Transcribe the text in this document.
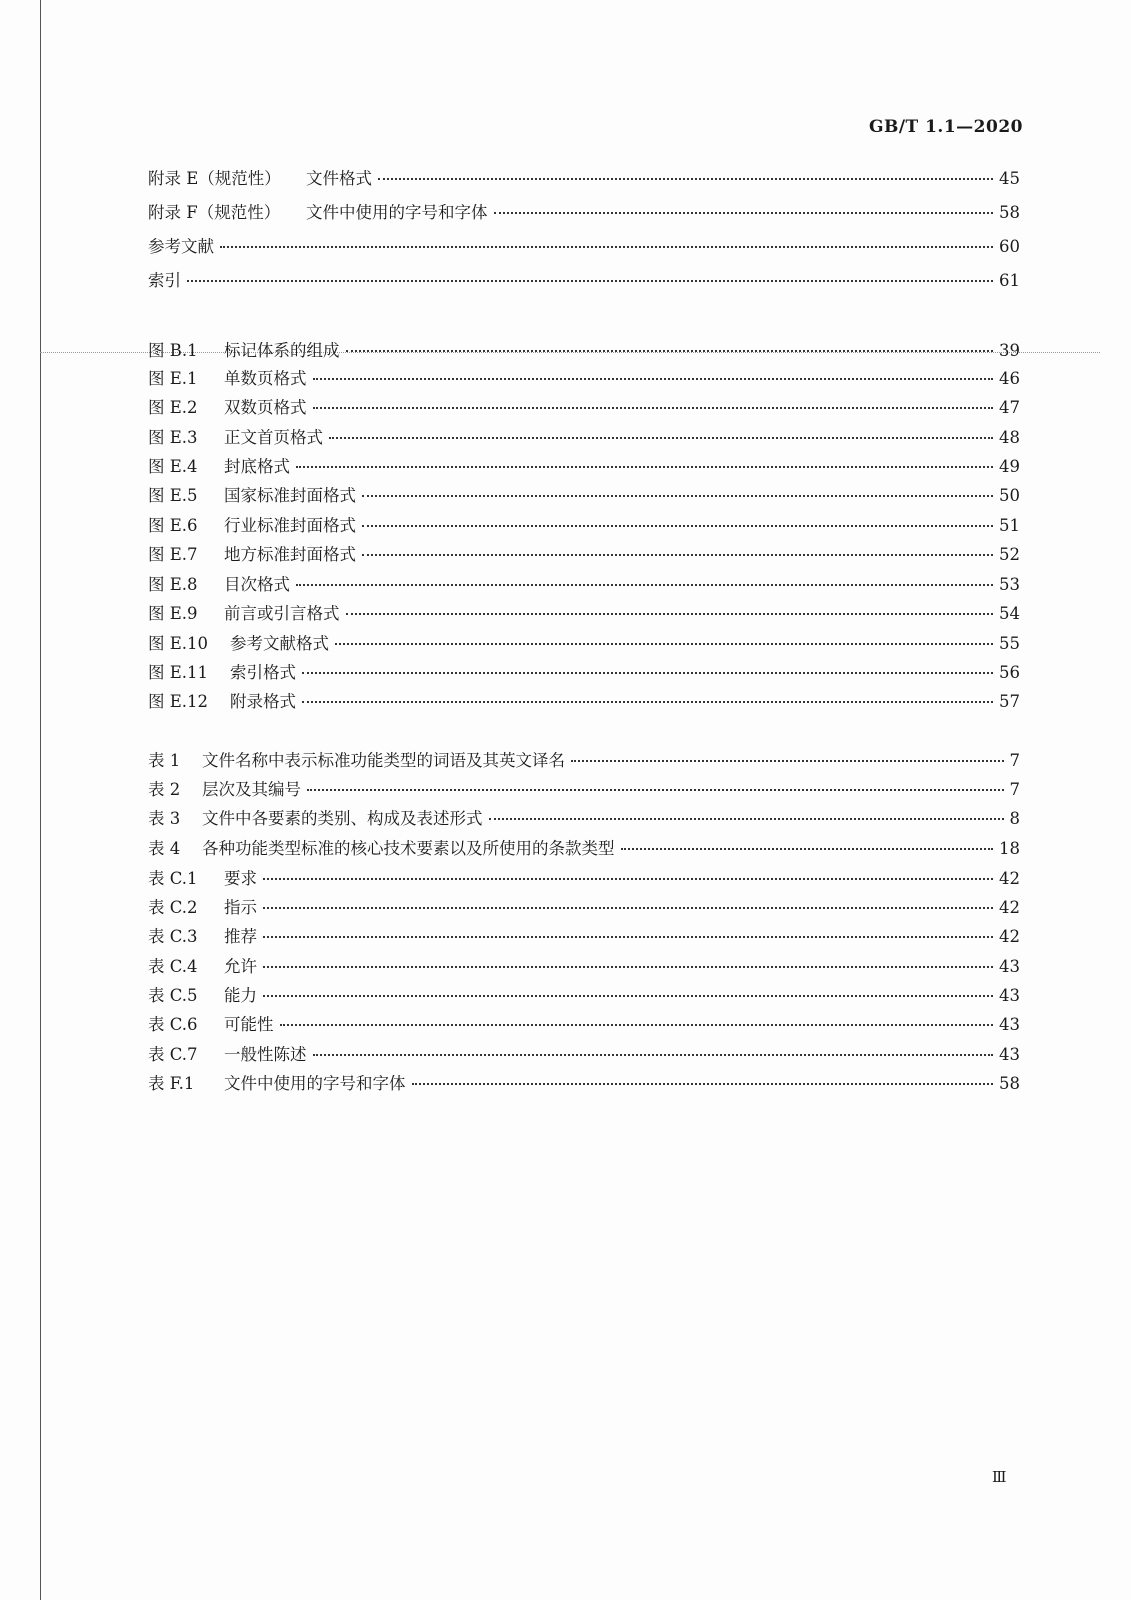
GB/T 1.1—2020
附录 E（规范性）	文件格式	45
附录 F（规范性）	文件中使用的字号和字体	58
参考文献	60
索引	61
图 B.1	标记体系的组成	39
图 E.1	单数页格式	46
图 E.2	双数页格式	47
图 E.3	正文首页格式	48
图 E.4	封底格式	49
图 E.5	国家标准封面格式	50
图 E.6	行业标准封面格式	51
图 E.7	地方标准封面格式	52
图 E.8	目次格式	53
图 E.9	前言或引言格式	54
图 E.10	参考文献格式	55
图 E.11	索引格式	56
图 E.12	附录格式	57
表 1	文件名称中表示标准功能类型的词语及其英文译名	7
表 2	层次及其编号	7
表 3	文件中各要素的类别、构成及表述形式	8
表 4	各种功能类型标准的核心技术要素以及所使用的条款类型	18
表 C.1	要求	42
表 C.2	指示	42
表 C.3	推荐	42
表 C.4	允许	43
表 C.5	能力	43
表 C.6	可能性	43
表 C.7	一般性陈述	43
表 F.1	文件中使用的字号和字体	58
Ⅲ
